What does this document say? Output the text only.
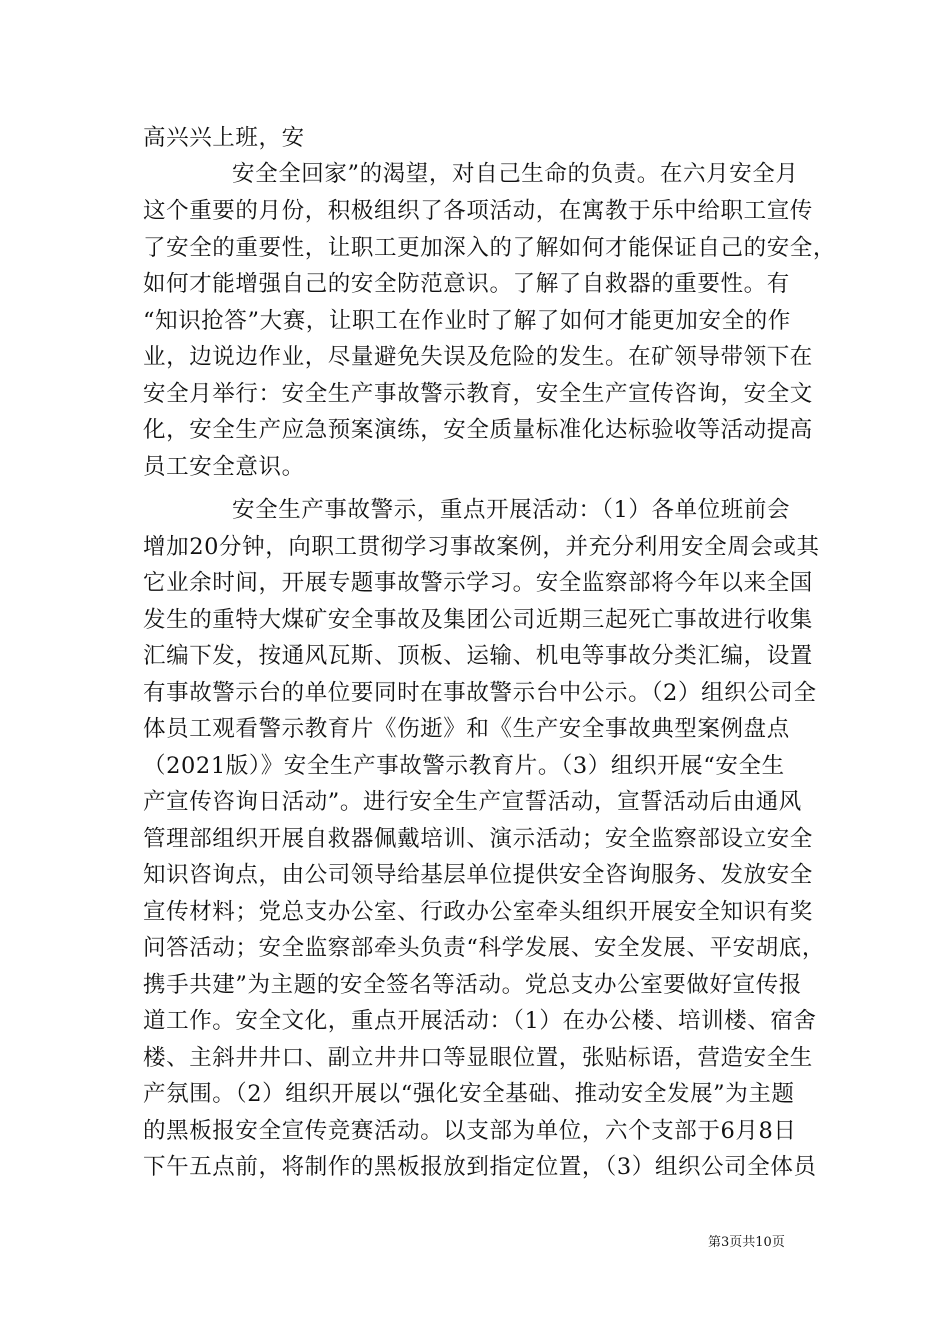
高兴兴上班，安
安全全回家”的渴望，对自己生命的负责。在六月安全月
这个重要的月份，积极组织了各项活动，在寓教于乐中给职工宣传
了安全的重要性，让职工更加深入的了解如何才能保证自己的安全，
如何才能增强自己的安全防范意识。了解了自救器的重要性。有
“知识抢答”大赛，让职工在作业时了解了如何才能更加安全的作
业，边说边作业，尽量避免失误及危险的发生。在矿领导带领下在
安全月举行：安全生产事故警示教育，安全生产宣传咨询，安全文
化，安全生产应急预案演练，安全质量标准化达标验收等活动提高
员工安全意识。
安全生产事故警示，重点开展活动：（1）各单位班前会
增加20分钟，向职工贯彻学习事故案例，并充分利用安全周会或其
它业余时间，开展专题事故警示学习。安全监察部将今年以来全国
发生的重特大煤矿安全事故及集团公司近期三起死亡事故进行收集
汇编下发，按通风瓦斯、顶板、运输、机电等事故分类汇编，设置
有事故警示台的单位要同时在事故警示台中公示。（2）组织公司全
体员工观看警示教育片《伤逝》和《生产安全事故典型案例盘点
（2021版）》安全生产事故警示教育片。（3）组织开展“安全生
产宣传咨询日活动”。进行安全生产宣誓活动，宣誓活动后由通风
管理部组织开展自救器佩戴培训、演示活动；安全监察部设立安全
知识咨询点，由公司领导给基层单位提供安全咨询服务、发放安全
宣传材料；党总支办公室、行政办公室牵头组织开展安全知识有奖
问答活动；安全监察部牵头负责“科学发展、安全发展、平安胡底，
携手共建”为主题的安全签名等活动。党总支办公室要做好宣传报
道工作。安全文化，重点开展活动：（1）在办公楼、培训楼、宿舍
楼、主斜井井口、副立井井口等显眼位置，张贴标语，营造安全生
产氛围。（2）组织开展以“强化安全基础、推动安全发展”为主题
的黑板报安全宣传竞赛活动。以支部为单位，六个支部于6月8日
下午五点前，将制作的黑板报放到指定位置，（3）组织公司全体员
第3页共10页
